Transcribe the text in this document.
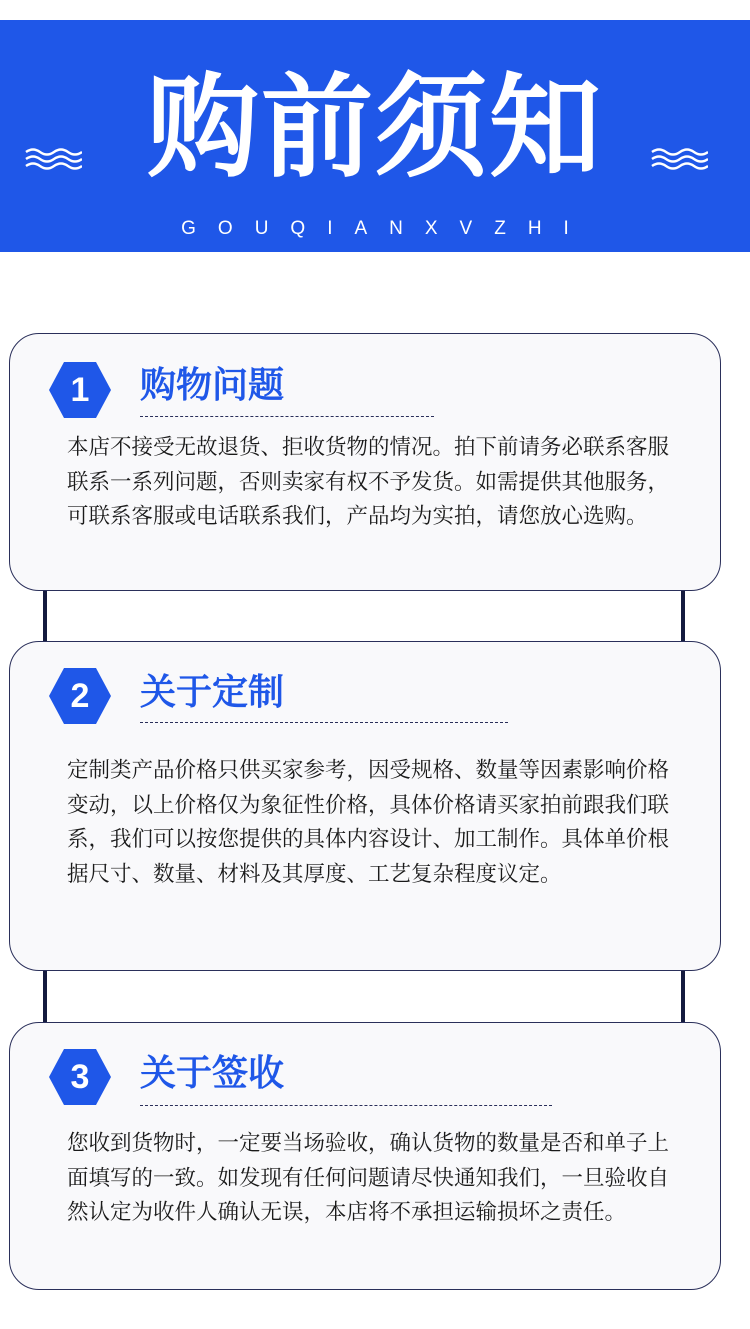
购前须知
GOUQIANXVZHI
1	购物问题
本店不接受无故退货、拒收货物的情况。拍下前请务必联系客服联系一系列问题，否则卖家有权不予发货。如需提供其他服务，可联系客服或电话联系我们，产品均为实拍，请您放心选购。
2	关于定制
定制类产品价格只供买家参考，因受规格、数量等因素影响价格变动，以上价格仅为象征性价格，具体价格请买家拍前跟我们联系，我们可以按您提供的具体内容设计、加工制作。具体单价根据尺寸、数量、材料及其厚度、工艺复杂程度议定。
3	关于签收
您收到货物时，一定要当场验收，确认货物的数量是否和单子上面填写的一致。如发现有任何问题请尽快通知我们，一旦验收自然认定为收件人确认无误，本店将不承担运输损坏之责任。
